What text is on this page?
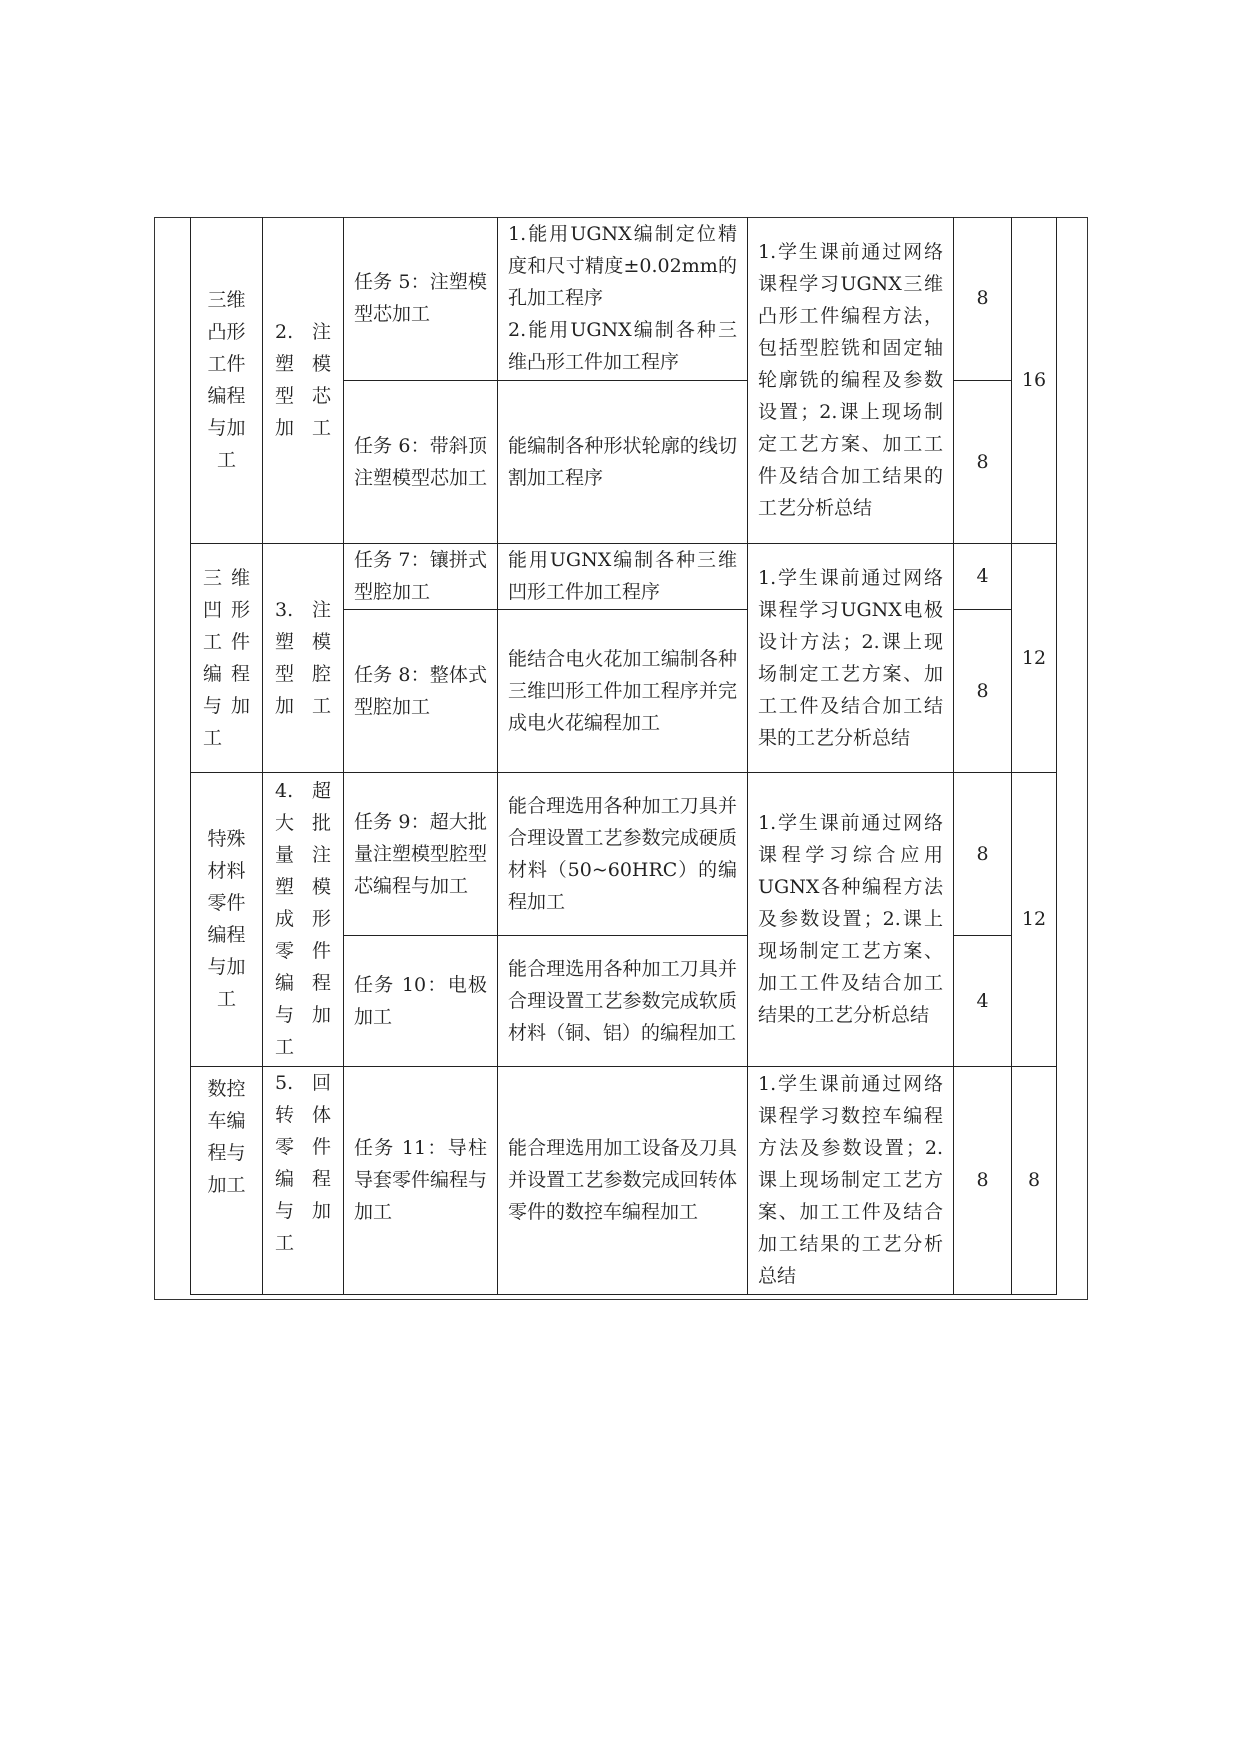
三维凸形工件编程与加工	2. 注塑模型芯加工	任务 5：注塑模型芯加工	1.能用UGNX编制定位精度和尺寸精度±0.02mm的孔加工程序
2.能用UGNX编制各种三维凸形工件加工程序	1.学生课前通过网络课程学习UGNX三维凸形工件编程方法，包括型腔铣和固定轴轮廓铣的编程及参数设置；2.课上现场制定工艺方案、加工工件及结合加工结果的工艺分析总结	8	16
		任务 6：带斜顶注塑模型芯加工	能编制各种形状轮廓的线切割加工程序		8	
三维凹形工件编程与加工	3. 注塑模型腔加工	任务 7：镶拼式型腔加工	能用UGNX编制各种三维凹形工件加工程序	1.学生课前通过网络课程学习UGNX电极设计方法；2.课上现场制定工艺方案、加工工件及结合加工结果的工艺分析总结	4	12
		任务 8：整体式型腔加工	能结合电火花加工编制各种三维凹形工件加工程序并完成电火花编程加工		8	
特殊材料零件编程与加工	4. 超大批量注塑模成形零件编程与加工	任务 9：超大批量注塑模型腔型芯编程与加工	能合理选用各种加工刀具并合理设置工艺参数完成硬质材料（50~60HRC）的编程加工	1.学生课前通过网络课程学习综合应用UGNX各种编程方法及参数设置；2.课上现场制定工艺方案、加工工件及结合加工结果的工艺分析总结	8	12
		任务 10：电极加工	能合理选用各种加工刀具并合理设置工艺参数完成软质材料（铜、铝）的编程加工		4	
数控车编程与加工	5. 回转体零件编程与加工	任务 11：导柱导套零件编程与加工	能合理选用加工设备及刀具并设置工艺参数完成回转体零件的数控车编程加工	1.学生课前通过网络课程学习数控车编程方法及参数设置；2.课上现场制定工艺方案、加工工件及结合加工结果的工艺分析总结	8	8
